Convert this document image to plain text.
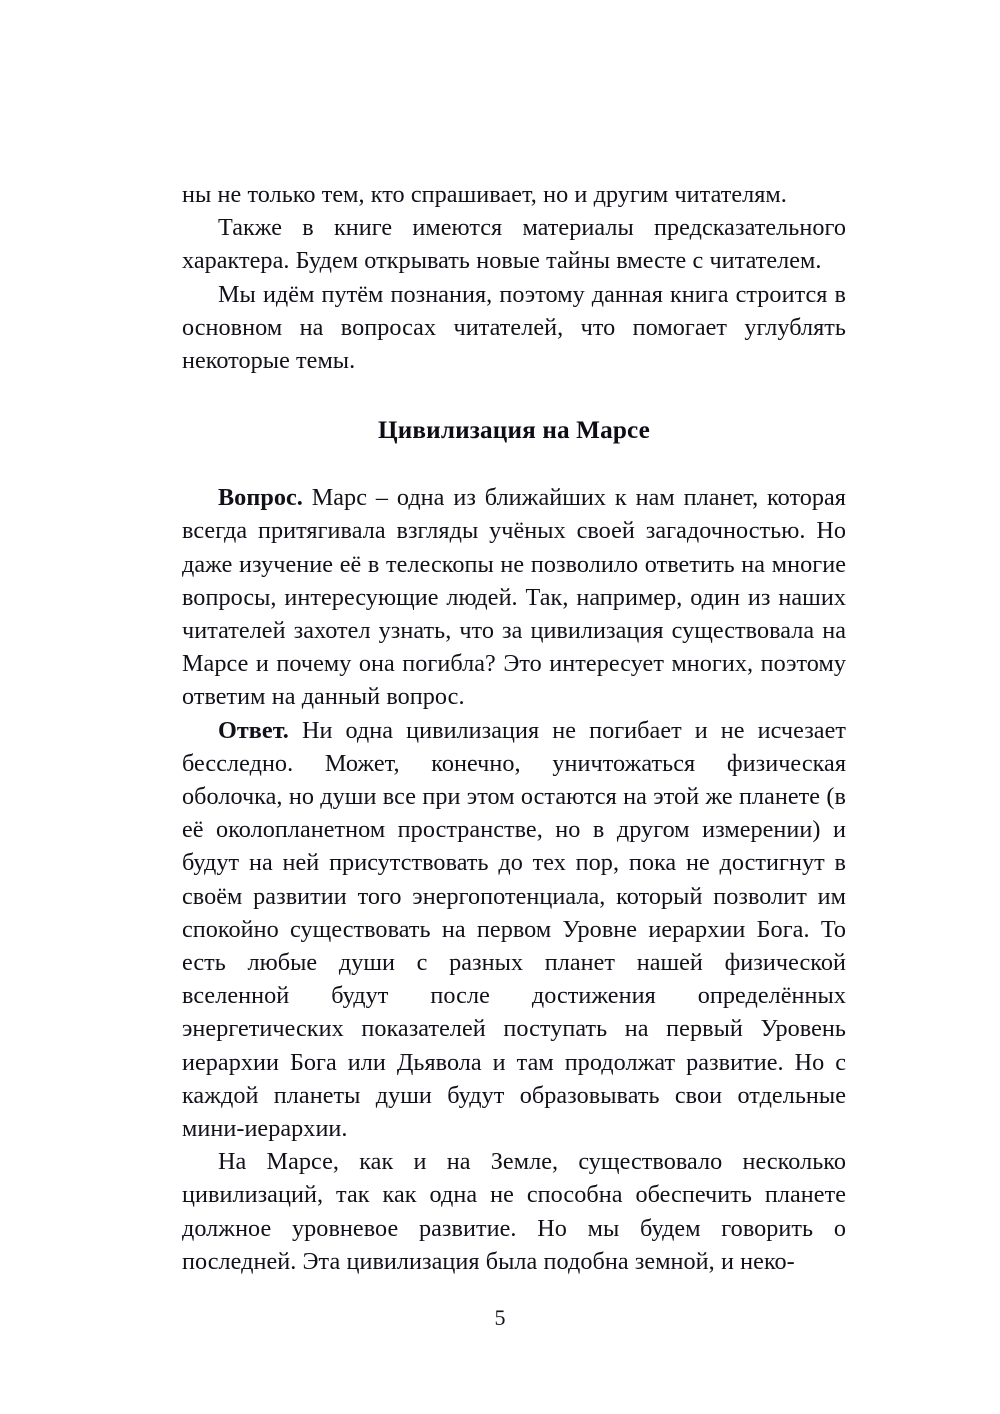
ны не только тем, кто спрашивает, но и другим читателям.

Также в книге имеются материалы предсказательного характера. Будем открывать новые тайны вместе с читателем.

Мы идём путём познания, поэтому данная книга строится в основном на вопросах читателей, что помогает углублять некоторые темы.

Цивилизация на Марсе

Вопрос. Марс – одна из ближайших к нам планет, которая всегда притягивала взгляды учёных своей загадочностью. Но даже изучение её в телескопы не позволило ответить на многие вопросы, интересующие людей. Так, например, один из наших читателей захотел узнать, что за цивилизация существовала на Марсе и почему она погибла? Это интересует многих, поэтому ответим на данный вопрос.

Ответ. Ни одна цивилизация не погибает и не исчезает бесследно. Может, конечно, уничтожаться физическая оболочка, но души все при этом остаются на этой же планете (в её околопланетном пространстве, но в другом измерении) и будут на ней присутствовать до тех пор, пока не достигнут в своём развитии того энергопотенциала, который позволит им спокойно существовать на первом Уровне иерархии Бога. То есть любые души с разных планет нашей физической вселенной будут после достижения определённых энергетических показателей поступать на первый Уровень иерархии Бога или Дьявола и там продолжат развитие. Но с каждой планеты души будут образовывать свои отдельные мини-иерархии.

На Марсе, как и на Земле, существовало несколько цивилизаций, так как одна не способна обеспечить планете должное уровневое развитие. Но мы будем говорить о последней. Эта цивилизация была подобна земной, и неко-

5
